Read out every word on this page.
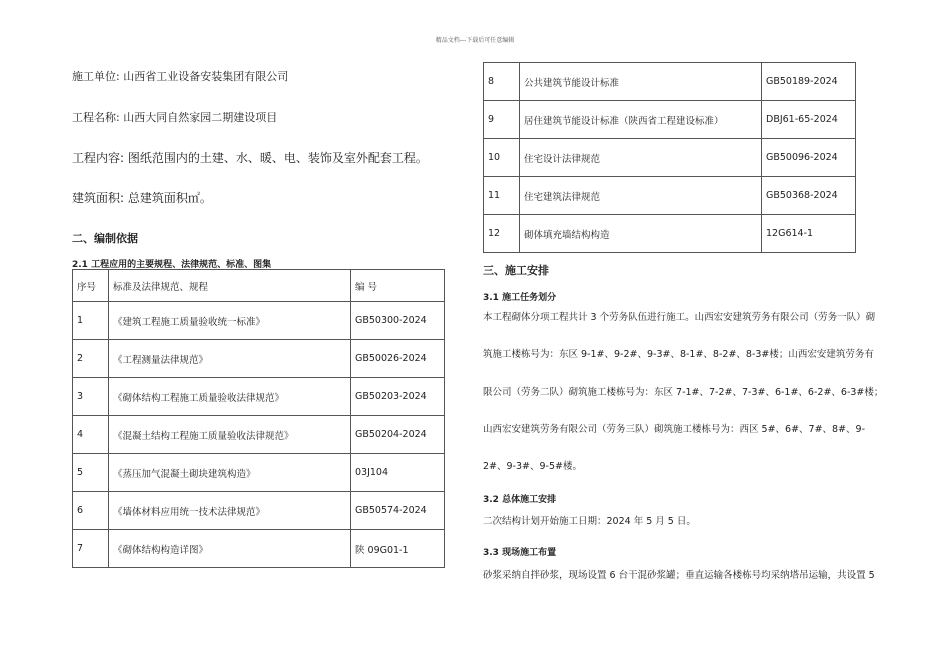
精品文档---下载后可任意编辑
施工单位: 山西省工业设备安装集团有限公司
工程名称: 山西大同自然家园二期建设项目
工程内容: 图纸范围内的土建、水、暖、电、装饰及室外配套工程。
建筑面积: 总建筑面积㎡。
二、编制依据
2.1 工程应用的主要规程、法律规范、标准、图集
序号	标准及法律规范、规程	编 号
1	《建筑工程施工质量验收统一标准》	GB50300-2024
2	《工程测量法律规范》	GB50026-2024
3	《砌体结构工程施工质量验收法律规范》	GB50203-2024
4	《混凝土结构工程施工质量验收法律规范》	GB50204-2024
5	《蒸压加气混凝土砌块建筑构造》	03J104
6	《墙体材料应用统一技术法律规范》	GB50574-2024
7	《砌体结构构造详图》	陕 09G01-1
8	公共建筑节能设计标准	GB50189-2024
9	居住建筑节能设计标准（陕西省工程建设标准）	DBJ61-65-2024
10	住宅设计法律规范	GB50096-2024
11	住宅建筑法律规范	GB50368-2024
12	砌体填充墙结构构造	12G614-1
三、施工安排
3.1 施工任务划分
本工程砌体分项工程共计 3 个劳务队伍进行施工。山西宏安建筑劳务有限公司（劳务一队）砌
筑施工楼栋号为：东区 9-1#、9-2#、9-3#、8-1#、8-2#、8-3#楼；山西宏安建筑劳务有
限公司（劳务二队）砌筑施工楼栋号为：东区 7-1#、7-2#、7-3#、6-1#、6-2#、6-3#楼；
山西宏安建筑劳务有限公司（劳务三队）砌筑施工楼栋号为：西区 5#、6#、7#、8#、9-
2#、9-3#、9-5#楼。
3.2 总体施工安排
二次结构计划开始施工日期：2024 年 5 月 5 日。
3.3 现场施工布置
砂浆采纳自拌砂浆，现场设置 6 台干混砂浆罐；垂直运输各楼栋号均采纳塔吊运输，共设置 5
